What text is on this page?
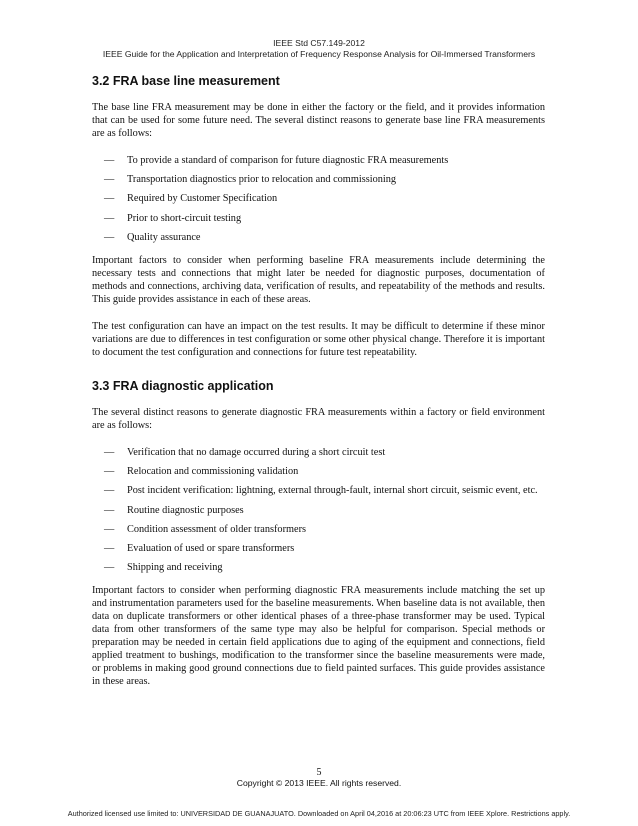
IEEE Std C57.149-2012
IEEE Guide for the Application and Interpretation of Frequency Response Analysis for Oil-Immersed Transformers
3.2 FRA base line measurement

The base line FRA measurement may be done in either the factory or the field, and it provides information that can be used for some future need. The several distinct reasons to generate base line FRA measurements are as follows:

— To provide a standard of comparison for future diagnostic FRA measurements
— Transportation diagnostics prior to relocation and commissioning
— Required by Customer Specification
— Prior to short-circuit testing
— Quality assurance

Important factors to consider when performing baseline FRA measurements include determining the necessary tests and connections that might later be needed for diagnostic purposes, documentation of methods and connections, archiving data, verification of results, and repeatability of the methods and results. This guide provides assistance in each of these areas.

The test configuration can have an impact on the test results. It may be difficult to determine if these minor variations are due to differences in test configuration or some other physical change. Therefore it is important to document the test configuration and connections for future test repeatability.

3.3 FRA diagnostic application

The several distinct reasons to generate diagnostic FRA measurements within a factory or field environment are as follows:

— Verification that no damage occurred during a short circuit test
— Relocation and commissioning validation
— Post incident verification: lightning, external through-fault, internal short circuit, seismic event, etc.
— Routine diagnostic purposes
— Condition assessment of older transformers
— Evaluation of used or spare transformers
— Shipping and receiving

Important factors to consider when performing diagnostic FRA measurements include matching the set up and instrumentation parameters used for the baseline measurements. When baseline data is not available, then data on duplicate transformers or other identical phases of a three-phase transformer may be used. Typical data from other transformers of the same type may also be helpful for comparison. Special methods or preparation may be needed in certain field applications due to aging of the equipment and connections, field applied treatment to bushings, modification to the transformer since the baseline measurements were made, or problems in making good ground connections due to field painted surfaces. This guide provides assistance in these areas.

5
Copyright © 2013 IEEE. All rights reserved.
Authorized licensed use limited to: UNIVERSIDAD DE GUANAJUATO. Downloaded on April 04,2016 at 20:06:23 UTC from IEEE Xplore. Restrictions apply.
